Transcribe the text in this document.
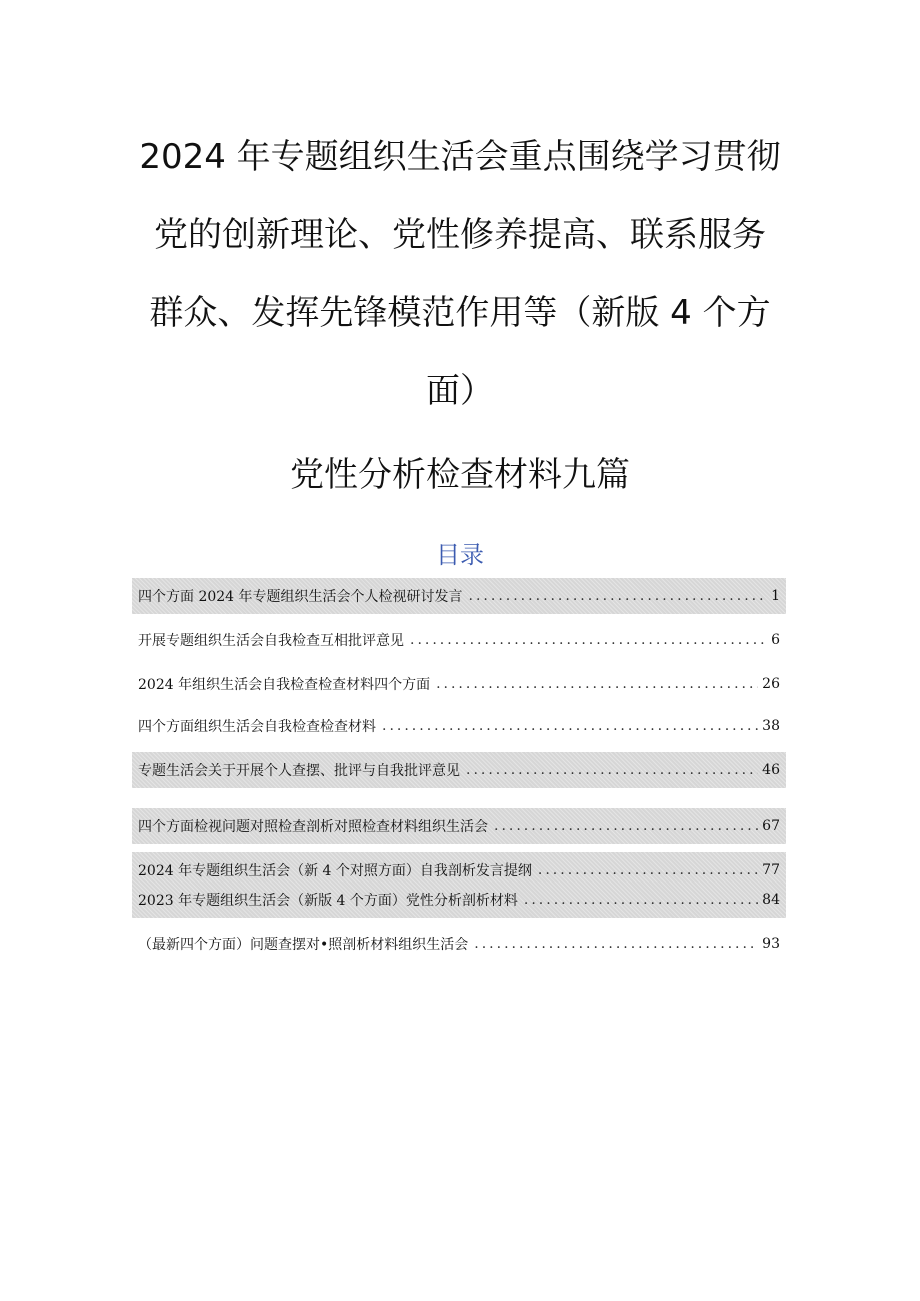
2024 年专题组织生活会重点围绕学习贯彻
党的创新理论、党性修养提高、联系服务
群众、发挥先锋模范作用等（新版 4 个方
面）
党性分析检查材料九篇
目录
四个方面 2024 年专题组织生活会个人检视研讨发言 .....	1
开展专题组织生活会自我检查互相批评意见 .....	6
2024 年组织生活会自我检查检查材料四个方面 .....	26
四个方面组织生活会自我检查检查材料 .....	38
专题生活会关于开展个人查摆、批评与自我批评意见 .....	46
四个方面检视问题对照检查剖析对照检查材料组织生活会 .....	67
2024 年专题组织生活会（新 4 个对照方面）自我剖析发言提纲 .....	77
2023 年专题组织生活会（新版 4 个方面）党性分析剖析材料 .....	84
（最新四个方面）问题查摆对•照剖析材料组织生活会 .....	93
